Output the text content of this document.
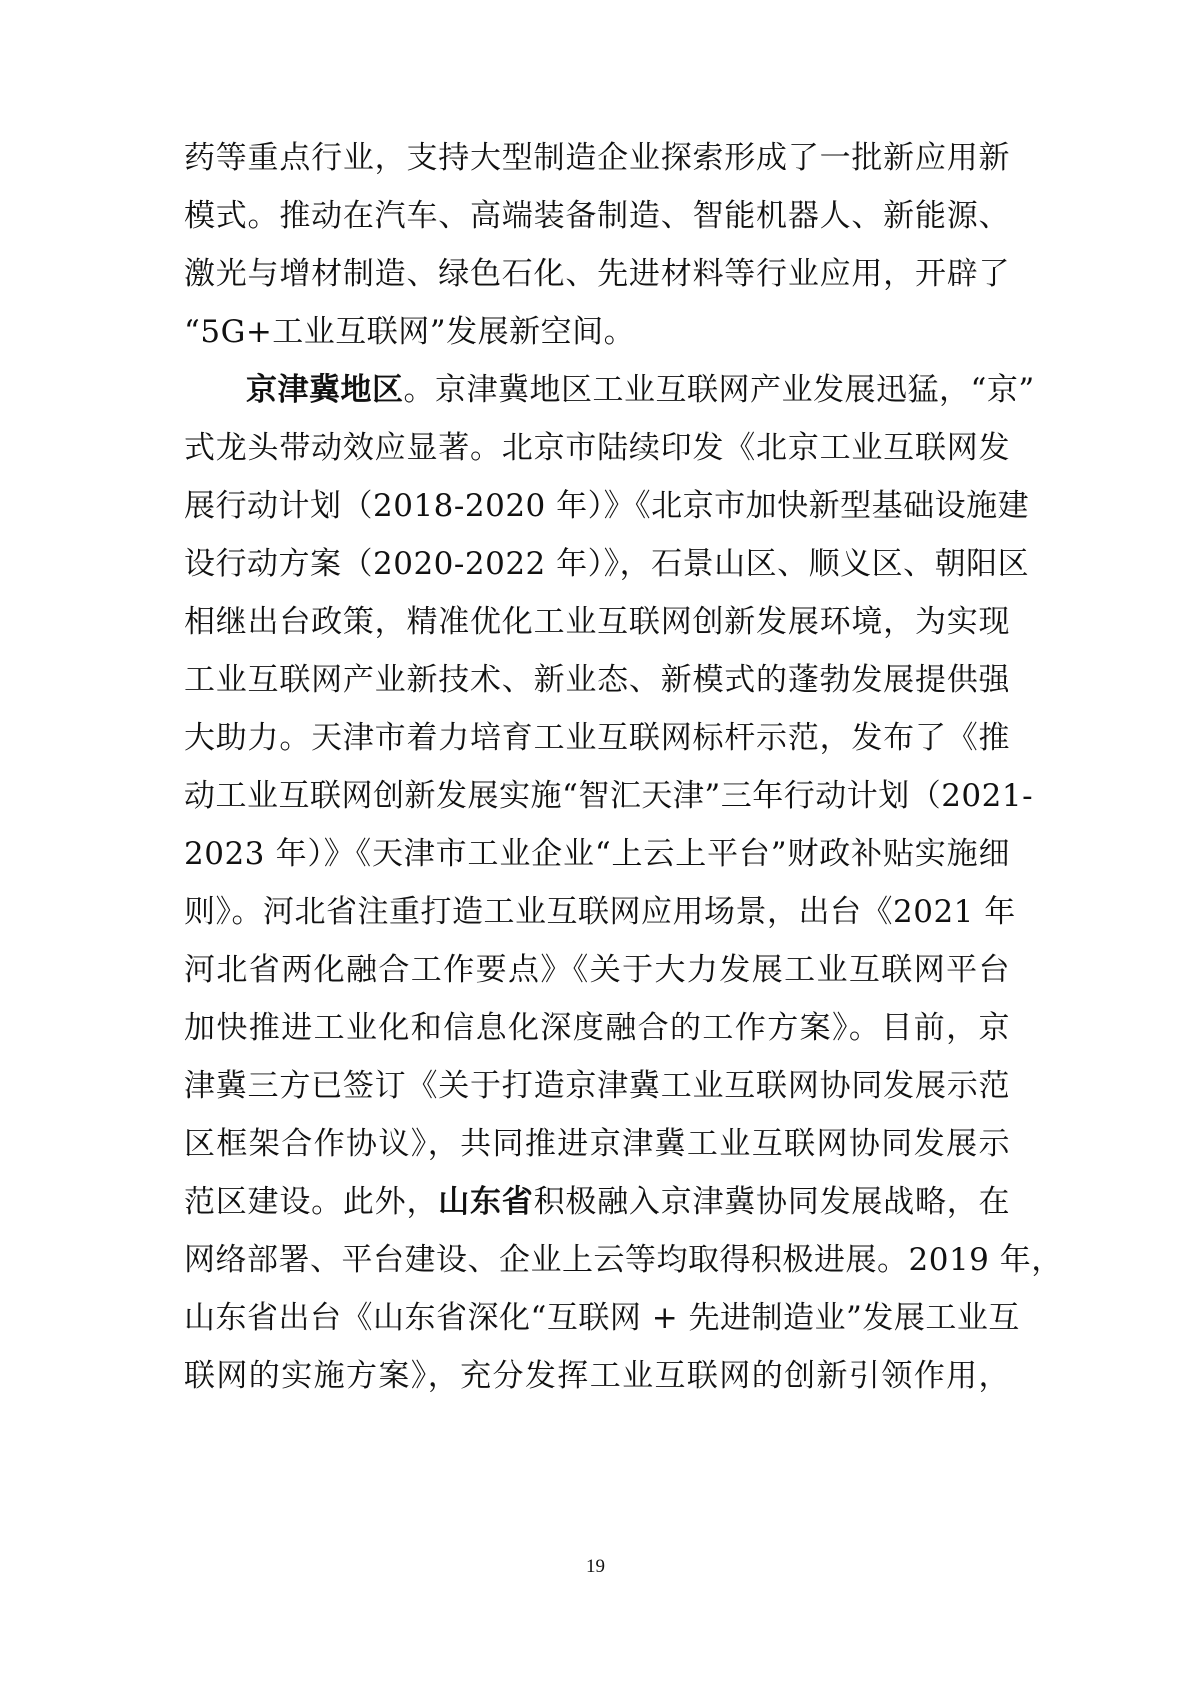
药等重点行业，支持大型制造企业探索形成了一批新应用新
模式。推动在汽车、高端装备制造、智能机器人、新能源、
激光与增材制造、绿色石化、先进材料等行业应用，开辟了
“5G+工业互联网”发展新空间。
京津冀地区。京津冀地区工业互联网产业发展迅猛，“京”
式龙头带动效应显著。北京市陆续印发《北京工业互联网发
展行动计划（2018-2020 年）》《北京市加快新型基础设施建
设行动方案（2020-2022 年）》，石景山区、顺义区、朝阳区
相继出台政策，精准优化工业互联网创新发展环境，为实现
工业互联网产业新技术、新业态、新模式的蓬勃发展提供强
大助力。天津市着力培育工业互联网标杆示范，发布了《推
动工业互联网创新发展实施“智汇天津”三年行动计划（2021-
2023 年）》《天津市工业企业“上云上平台”财政补贴实施细
则》。河北省注重打造工业互联网应用场景，出台《2021 年
河北省两化融合工作要点》《关于大力发展工业互联网平台
加快推进工业化和信息化深度融合的工作方案》。目前，京
津冀三方已签订《关于打造京津冀工业互联网协同发展示范
区框架合作协议》，共同推进京津冀工业互联网协同发展示
范区建设。此外，山东省积极融入京津冀协同发展战略，在
网络部署、平台建设、企业上云等均取得积极进展。2019 年，
山东省出台《山东省深化“互联网 + 先进制造业”发展工业互
联网的实施方案》，充分发挥工业互联网的创新引领作用，
19
